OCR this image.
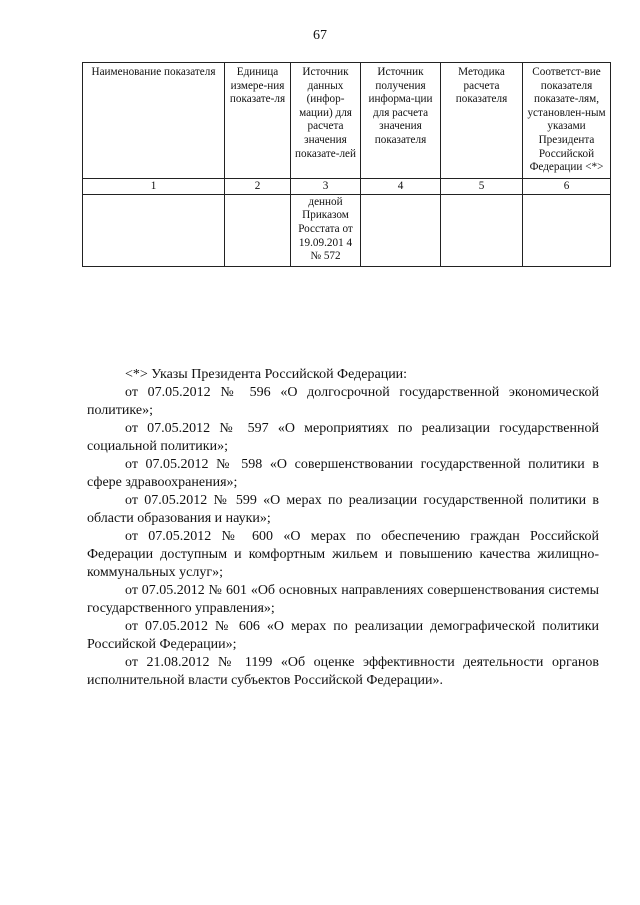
67
Наименование показателя	Единица измере-ния показате-ля	Источник данных (инфор-мации) для расчета значения показате-лей	Источник получения информа-ции для расчета значения показателя	Методика расчета показателя	Соответст-вие показателя показате-лям, установлен-ным указами Президента Российской Федерации <*>
1	2	3	4	5	6
		денной Приказом Росстата от 19.09.201 4 № 572			

<*> Указы Президента Российской Федерации:

от 07.05.2012 № 596 «О долгосрочной государственной экономической политике»;

от 07.05.2012 № 597 «О мероприятиях по реализации государственной социальной политики»;

от 07.05.2012 № 598 «О совершенствовании государственной политики в сфере здравоохранения»;

от 07.05.2012 № 599 «О мерах по реализации государственной политики в области образования и науки»;

от 07.05.2012 № 600 «О мерах по обеспечению граждан Российской Федерации доступным и комфортным жильем и повышению качества жилищно-коммунальных услуг»;

от 07.05.2012 № 601 «Об основных направлениях совершенствования системы государственного управления»;

от 07.05.2012 № 606 «О мерах по реализации демографической политики Российской Федерации»;

от 21.08.2012 № 1199 «Об оценке эффективности деятельности органов исполнительной власти субъектов Российской Федерации».
